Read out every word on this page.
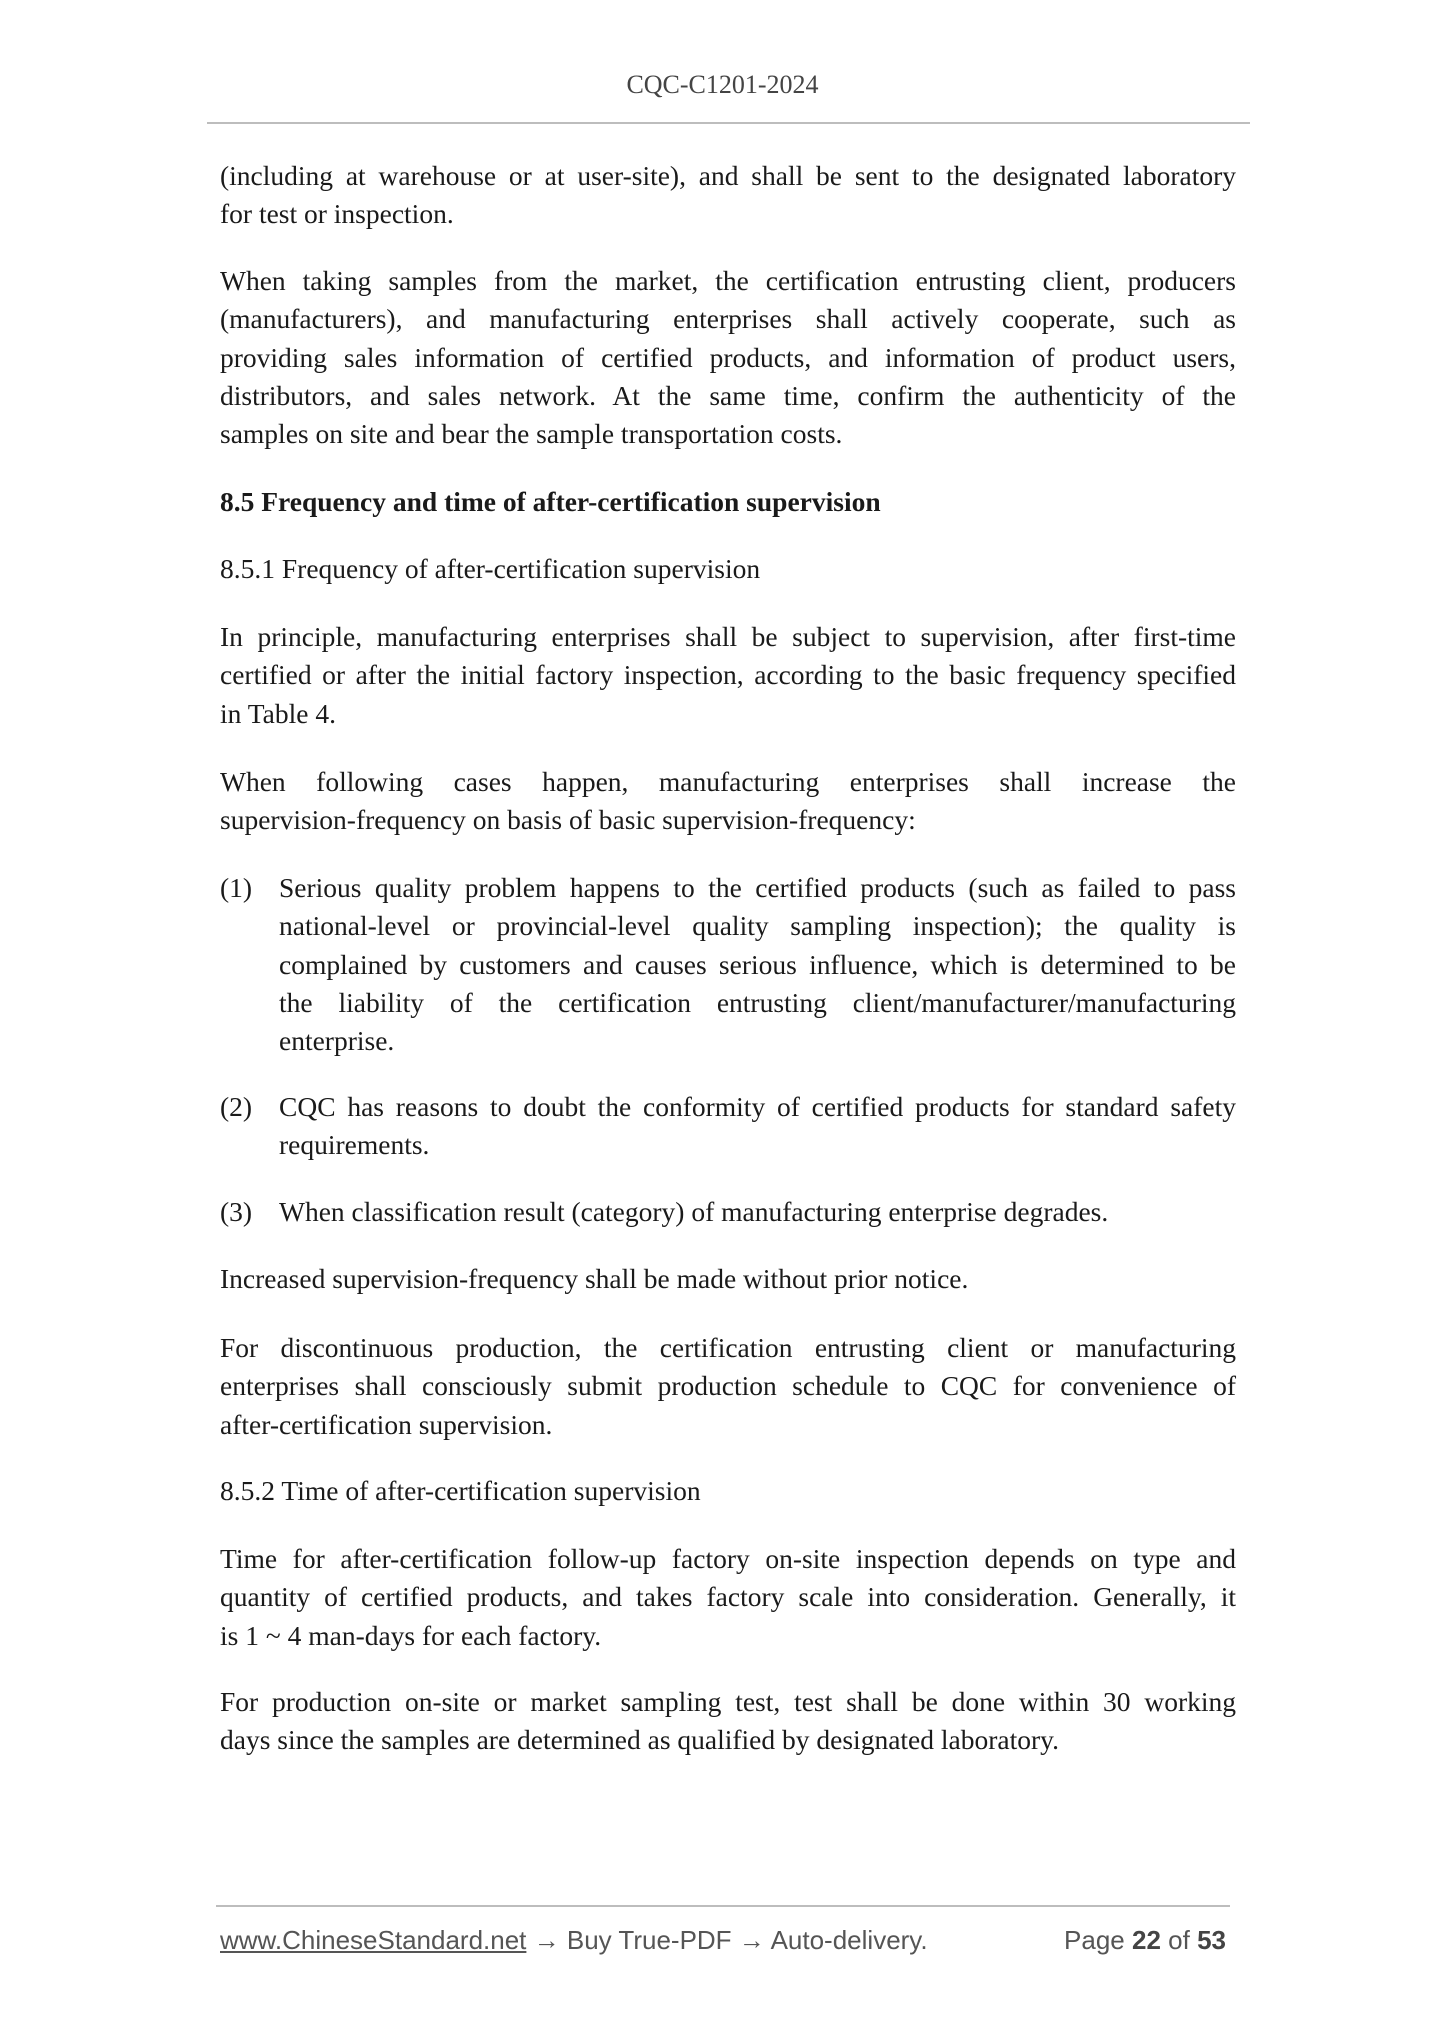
CQC-C1201-2024
(including at warehouse or at user-site), and shall be sent to the designated laboratory
for test or inspection.
When taking samples from the market, the certification entrusting client, producers
(manufacturers), and manufacturing enterprises shall actively cooperate, such as
providing sales information of certified products, and information of product users,
distributors, and sales network. At the same time, confirm the authenticity of the
samples on site and bear the sample transportation costs.
8.5 Frequency and time of after-certification supervision
8.5.1 Frequency of after-certification supervision
In principle, manufacturing enterprises shall be subject to supervision, after first-time
certified or after the initial factory inspection, according to the basic frequency specified
in Table 4.
When following cases happen, manufacturing enterprises shall increase the
supervision-frequency on basis of basic supervision-frequency:
(1) Serious quality problem happens to the certified products (such as failed to pass
national-level or provincial-level quality sampling inspection); the quality is
complained by customers and causes serious influence, which is determined to be
the liability of the certification entrusting client/manufacturer/manufacturing
enterprise.
(2) CQC has reasons to doubt the conformity of certified products for standard safety
requirements.
(3) When classification result (category) of manufacturing enterprise degrades.
Increased supervision-frequency shall be made without prior notice.
For discontinuous production, the certification entrusting client or manufacturing
enterprises shall consciously submit production schedule to CQC for convenience of
after-certification supervision.
8.5.2 Time of after-certification supervision
Time for after-certification follow-up factory on-site inspection depends on type and
quantity of certified products, and takes factory scale into consideration. Generally, it
is 1 ~ 4 man-days for each factory.
For production on-site or market sampling test, test shall be done within 30 working
days since the samples are determined as qualified by designated laboratory.
www.ChineseStandard.net → Buy True-PDF → Auto-delivery.	Page 22 of 53
